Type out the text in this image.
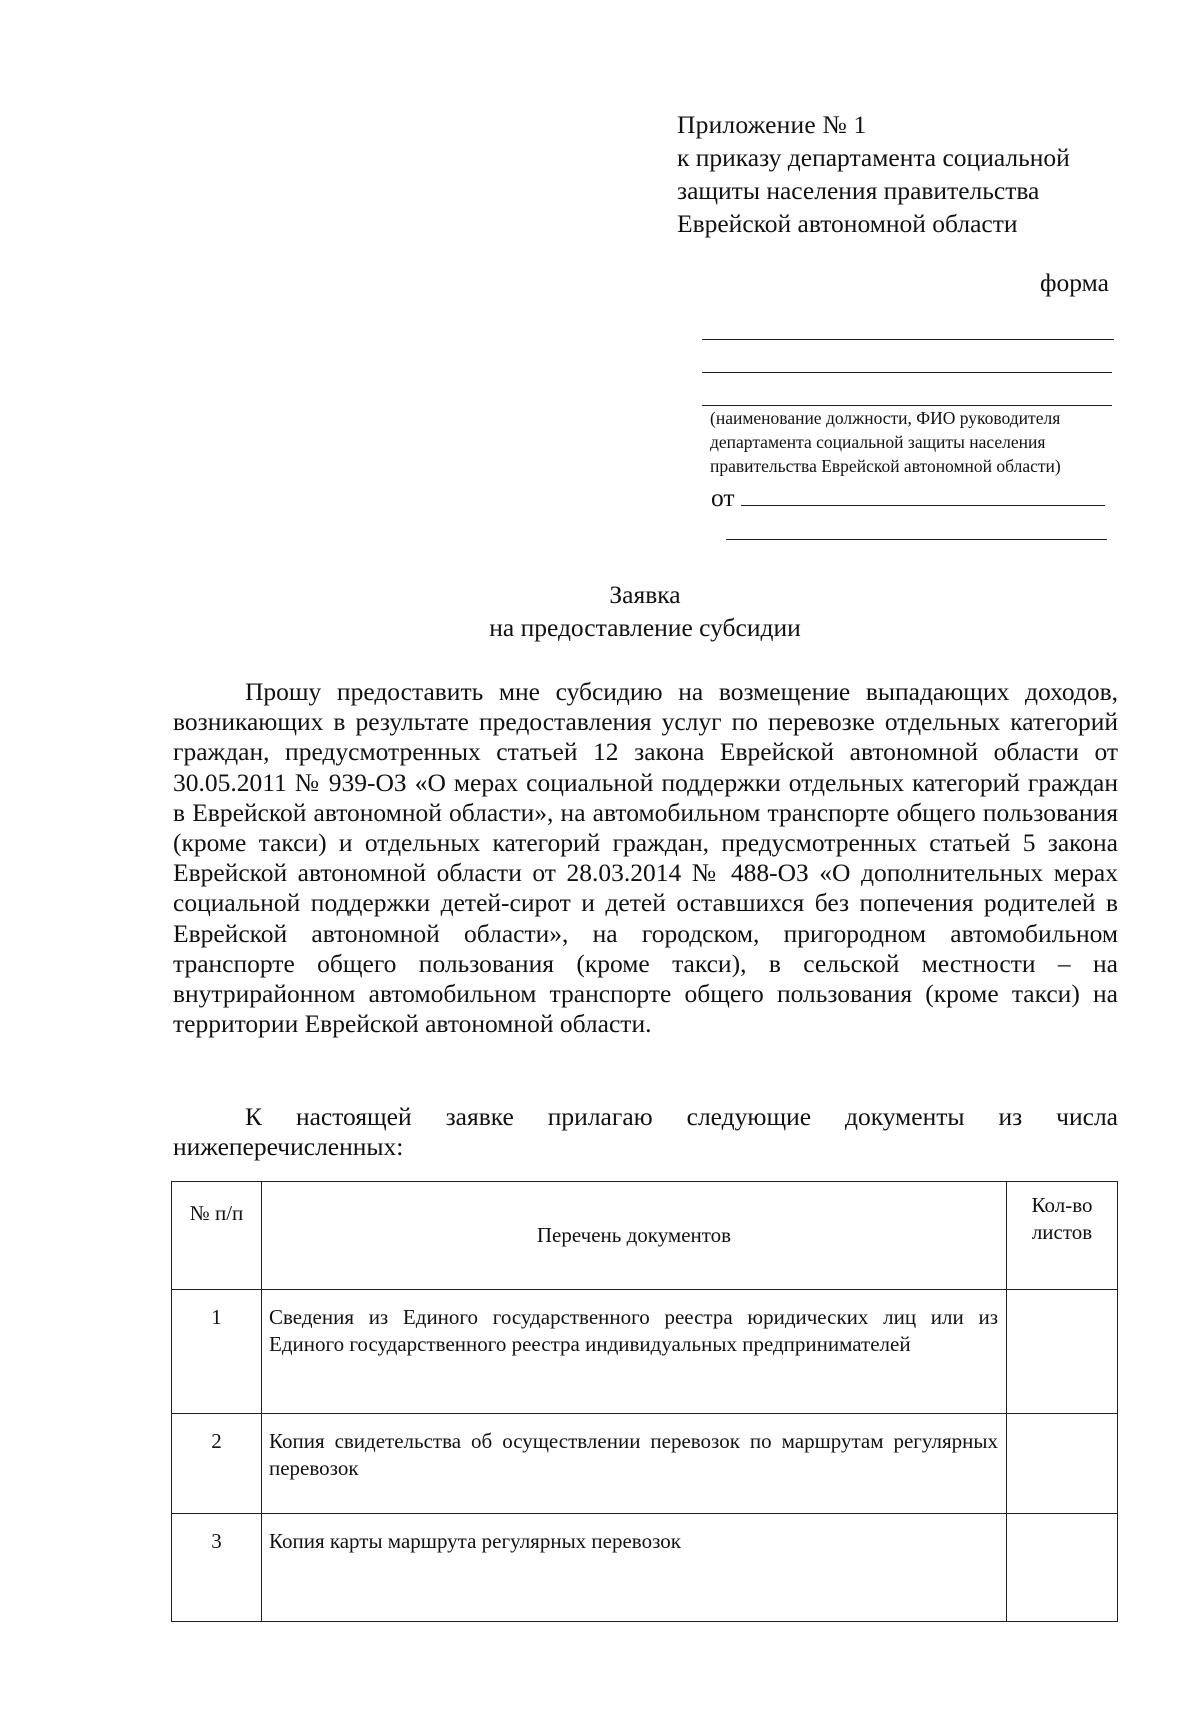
Приложение № 1
к приказу департамента социальной
защиты населения правительства
Еврейской автономной области
форма
(наименование должности, ФИО руководителя
департамента социальной защиты населения
правительства Еврейской автономной области)
от
Заявка
на предоставление субсидии
Прошу предоставить мне субсидию на возмещение выпадающих доходов, возникающих в результате предоставления услуг по перевозке отдельных категорий граждан, предусмотренных статьей 12 закона Еврейской автономной области от 30.05.2011 № 939-ОЗ «О мерах социальной поддержки отдельных категорий граждан в Еврейской автономной области», на автомобильном транспорте общего пользования (кроме такси) и отдельных категорий граждан, предусмотренных статьей 5 закона Еврейской автономной области от 28.03.2014 № 488-ОЗ «О дополнительных мерах социальной поддержки детей-сирот и детей оставшихся без попечения родителей в Еврейской автономной области», на городском, пригородном автомобильном транспорте общего пользования (кроме такси), в сельской местности – на внутрирайонном автомобильном транспорте общего пользования (кроме такси) на территории Еврейской автономной области.
К настоящей заявке прилагаю следующие документы из числа нижеперечисленных:
№ п/п	Перечень документов	Кол-во
листов

1	Сведения из Единого государственного реестра юридических лиц или из Единого государственного реестра индивидуальных предпринимателей	
2	Копия свидетельства об осуществлении перевозок по маршрутам регулярных перевозок	
3	Копия карты маршрута регулярных перевозок	
